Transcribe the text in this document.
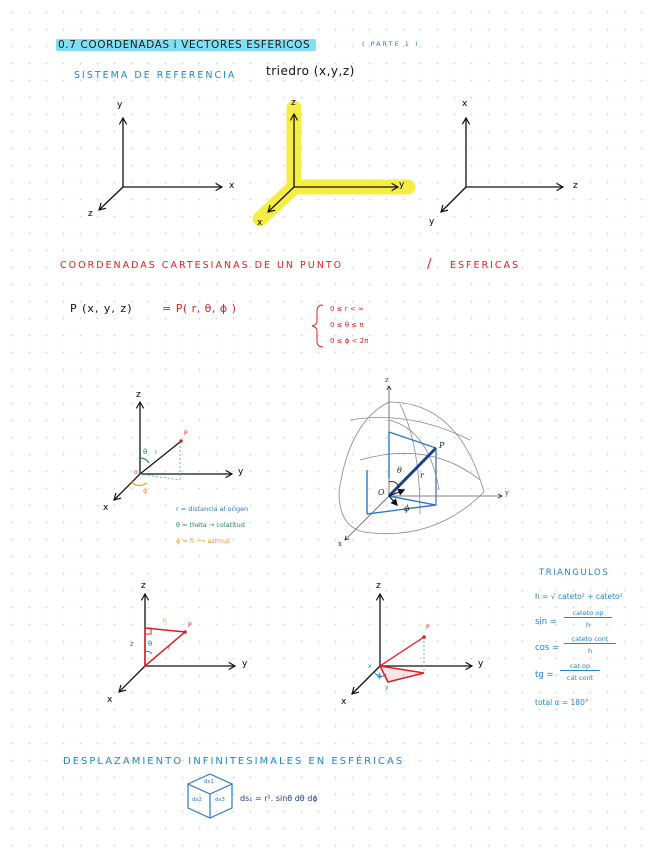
0.7 COORDENADAS i VECTORES ESFERICOS	( PARTE 1 )
SISTEMA DE REFERENCIA triedro (x,y,z)
y
x
z
z
y
x
x
z
y
COORDENADAS CARTESIANAS DE UN PUNTO	/ ESFERICAS
P (x, y, z)	= P( r, θ, ϕ )	0 ≤ r < ∞
0 ≤ θ ≤ π
0 ≤ ϕ < 2π
z
y
x
P
θ r
ϕ
o
r = distancia al origen
θ = theta → colatitud
ϕ = fi ⟶ azimut
z
y
x
P
θ
r
O
ϕ
z
y
x
P
h
r
θ
z
z
y
x
P
x
ϕ
y
TRIANGULOS
h = √ cateto² + cateto²
sin =
cateto op
h
cos =
cateto cont
h
tg =
cat op
cat cont
total α = 180°
DESPLAZAMIENTO INFINITESIMALES EN ESFÉRICAS
ds1
ds2 ds3 ds₁ = r². sinθ dθ dϕ
